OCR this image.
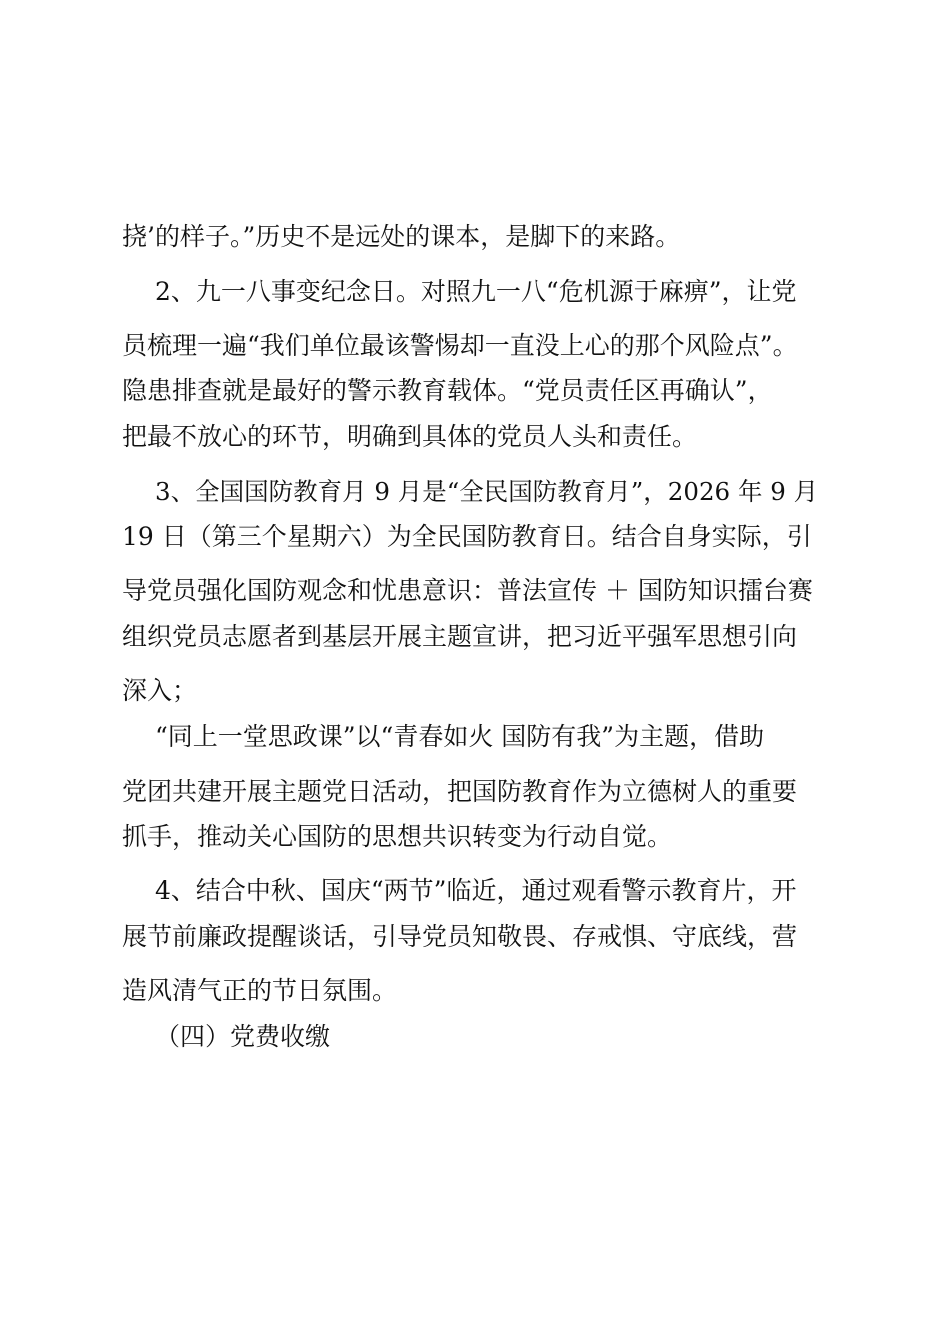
挠’的样子。”历史不是远处的课本，是脚下的来路。

2、九一八事变纪念日。对照九一八“危机源于麻痹”，让党

员梳理一遍“我们单位最该警惕却一直没上心的那个风险点”。

隐患排查就是最好的警示教育载体。“党员责任区再确认”，

把最不放心的环节，明确到具体的党员人头和责任。

3、全国国防教育月 9 月是“全民国防教育月”，2026 年 9 月

19 日（第三个星期六）为全民国防教育日。结合自身实际，引

导党员强化国防观念和忧患意识：普法宣传 ＋ 国防知识擂台赛

组织党员志愿者到基层开展主题宣讲，把习近平强军思想引向

深入；

“同上一堂思政课”以“青春如火 国防有我”为主题，借助

党团共建开展主题党日活动，把国防教育作为立德树人的重要

抓手，推动关心国防的思想共识转变为行动自觉。

4、结合中秋、国庆“两节”临近，通过观看警示教育片，开

展节前廉政提醒谈话，引导党员知敬畏、存戒惧、守底线，营

造风清气正的节日氛围。

（四）党费收缴
